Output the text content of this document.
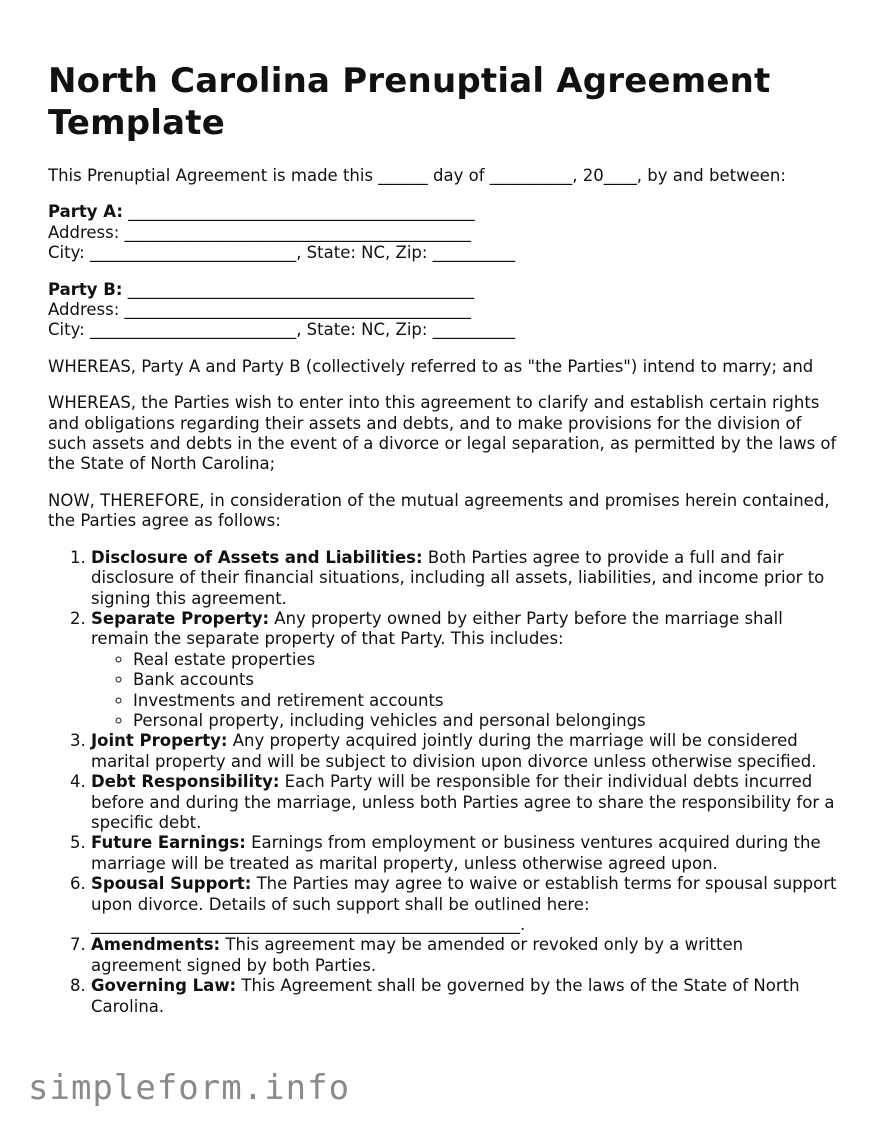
North Carolina Prenuptial Agreement Template

This Prenuptial Agreement is made this ______ day of __________, 20____, by and between:

Party A: __________________________________________
Address: __________________________________________
City: _________________________, State: NC, Zip: __________
Party B: __________________________________________
Address: __________________________________________
City: _________________________, State: NC, Zip: __________

WHEREAS, Party A and Party B (collectively referred to as "the Parties") intend to marry; and

WHEREAS, the Parties wish to enter into this agreement to clarify and establish certain rights and obligations regarding their assets and debts, and to make provisions for the division of such assets and debts in the event of a divorce or legal separation, as permitted by the laws of the State of North Carolina;

NOW, THEREFORE, in consideration of the mutual agreements and promises herein contained, the Parties agree as follows:

1. Disclosure of Assets and Liabilities: Both Parties agree to provide a full and fair disclosure of their financial situations, including all assets, liabilities, and income prior to signing this agreement.
2. Separate Property: Any property owned by either Party before the marriage shall remain the separate property of that Party. This includes:
◦ Real estate properties
◦ Bank accounts
◦ Investments and retirement accounts
◦ Personal property, including vehicles and personal belongings
3. Joint Property: Any property acquired jointly during the marriage will be considered marital property and will be subject to division upon divorce unless otherwise specified.
4. Debt Responsibility: Each Party will be responsible for their individual debts incurred before and during the marriage, unless both Parties agree to share the responsibility for a specific debt.
5. Future Earnings: Earnings from employment or business ventures acquired during the marriage will be treated as marital property, unless otherwise agreed upon.
6. Spousal Support: The Parties may agree to waive or establish terms for spousal support upon divorce. Details of such support shall be outlined here:
____________________________________________________.
7. Amendments: This agreement may be amended or revoked only by a written agreement signed by both Parties.
8. Governing Law: This Agreement shall be governed by the laws of the State of North Carolina.
simpleform.info
